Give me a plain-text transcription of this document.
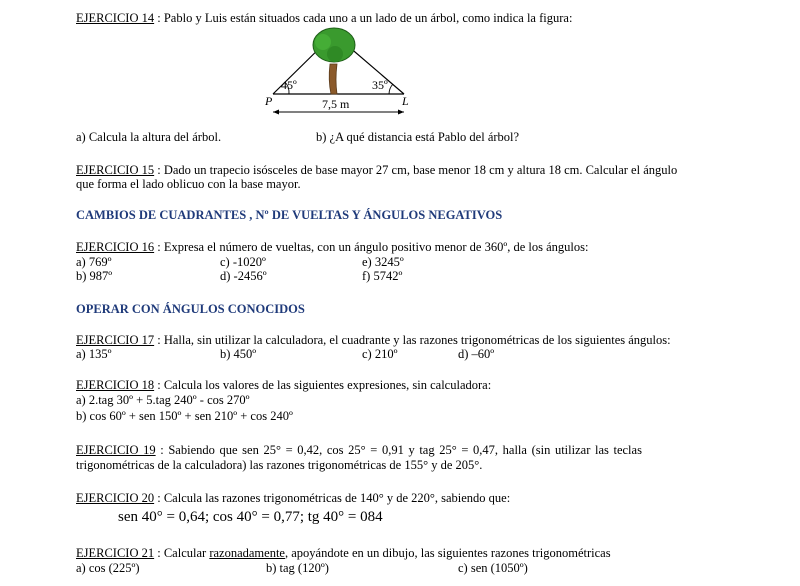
EJERCICIO 14 : Pablo y Luis están situados cada uno a un lado de un árbol, como indica la figura:
45º	35º
P	L
7,5 m
a) Calcula la altura del árbol.	b) ¿A qué distancia está Pablo del árbol?
EJERCICIO 15 : Dado un trapecio isósceles de base mayor 27 cm, base menor 18 cm y altura 18 cm. Calcular el ángulo
que forma el lado oblicuo con la base mayor.
CAMBIOS DE CUADRANTES , Nº DE VUELTAS Y ÁNGULOS NEGATIVOS
EJERCICIO 16 : Expresa el número de vueltas, con un ángulo positivo menor de 360º, de los ángulos:
a) 769º	c) -1020º	e) 3245º
b) 987º	d) -2456º	f) 5742º
OPERAR CON ÁNGULOS CONOCIDOS
EJERCICIO 17 : Halla, sin utilizar la calculadora, el cuadrante y las razones trigonométricas de los siguientes ángulos:
a) 135º	b) 450º	c) 210º	d) –60º
EJERCICIO 18 : Calcula los valores de las siguientes expresiones, sin calculadora:
a) 2.tag 30º + 5.tag 240º - cos 270º
b) cos 60º + sen 150º + sen 210º + cos 240º
EJERCICIO 19 : Sabiendo que sen 25° = 0,42, cos 25° = 0,91 y tag 25° = 0,47, halla (sin utilizar las teclas
trigonométricas de la calculadora) las razones trigonométricas de 155° y de 205°.
EJERCICIO 20 : Calcula las razones trigonométricas de 140° y de 220°, sabiendo que:
sen 40° = 0,64; cos 40° = 0,77; tg 40° = 084
EJERCICIO 21 : Calcular razonadamente, apoyándote en un dibujo, las siguientes razones trigonométricas
a) cos (225º)	b) tag (120º)	c) sen (1050º)
